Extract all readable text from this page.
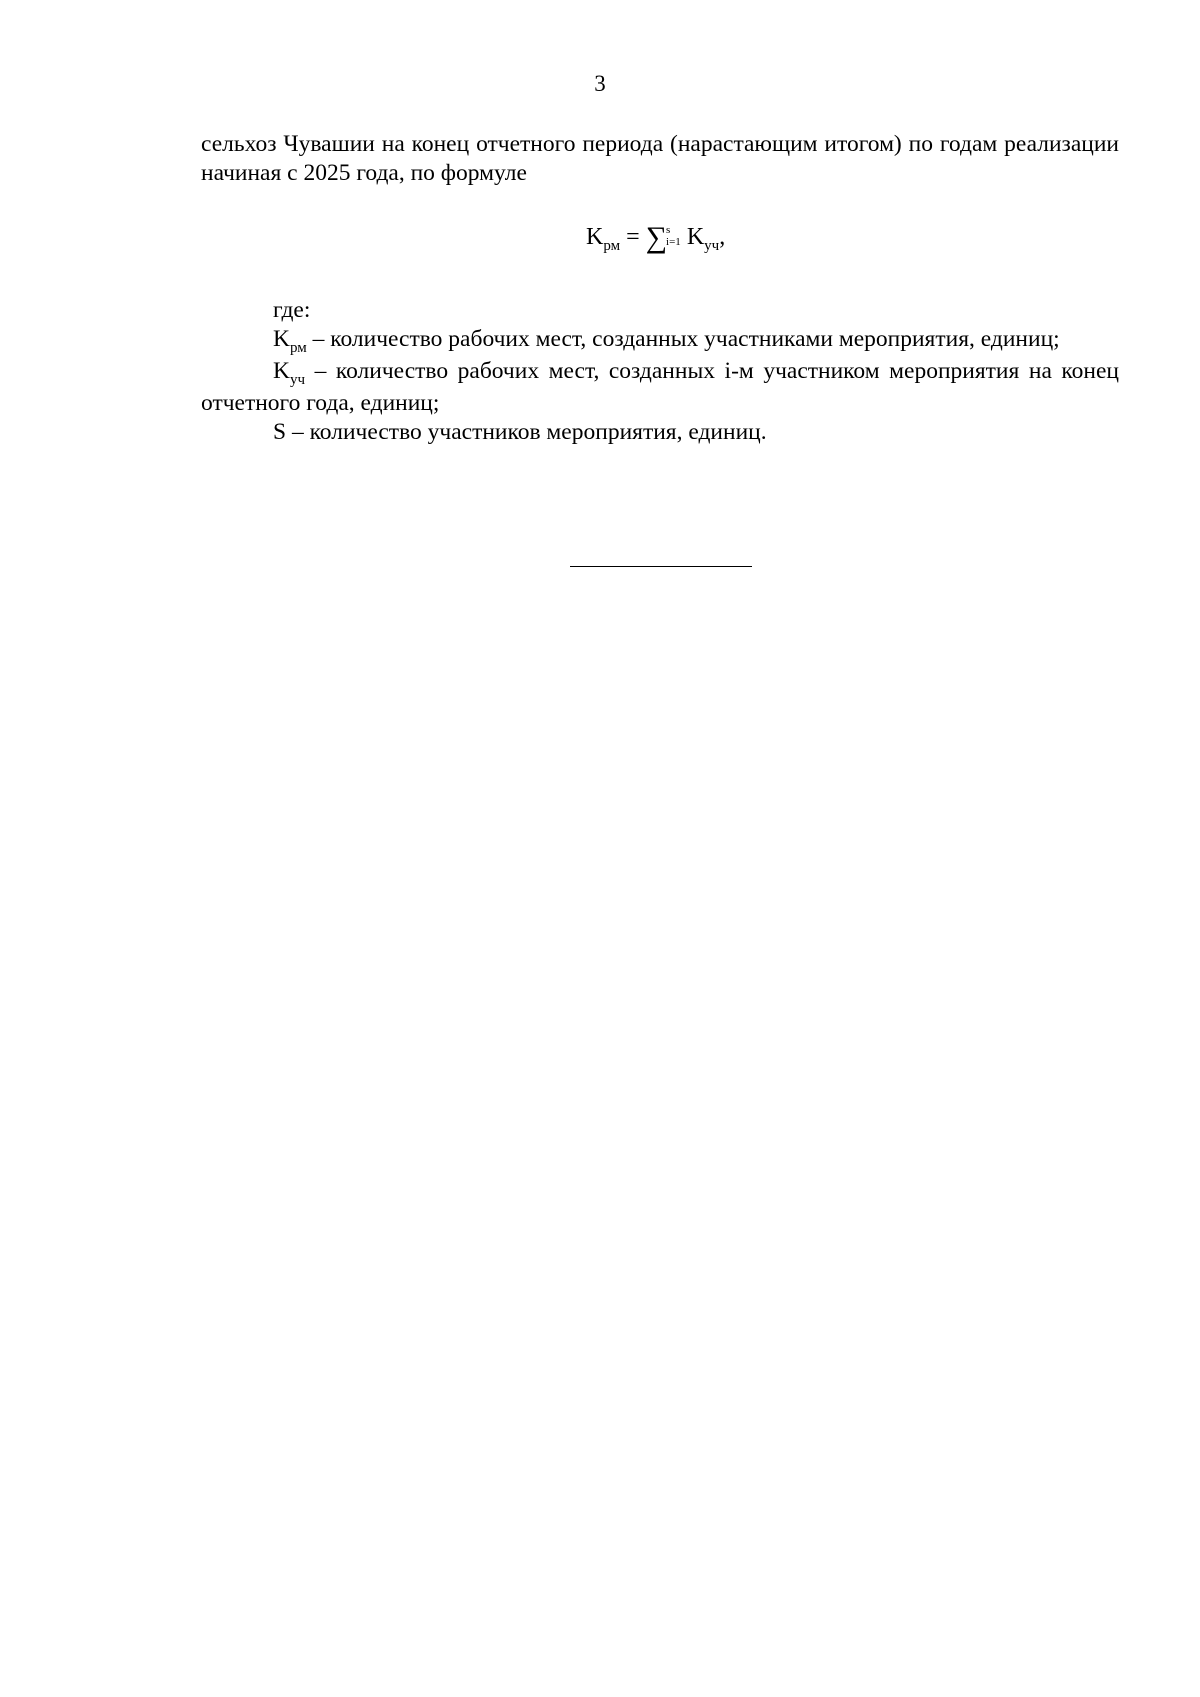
3

сельхоз Чувашии на конец отчетного периода (нарастающим итогом) по годам реализации начиная с 2025 года, по формуле

$K_{рм}$ = ∑ s
i=1 $K_{уч}$,

где:

$K_{рм}$ – количество рабочих мест, созданных участниками мероприятия, единиц;

$K_{уч}$ – количество рабочих мест, созданных i-м участником мероприятия на конец отчетного года, единиц;

S – количество участников мероприятия, единиц.
